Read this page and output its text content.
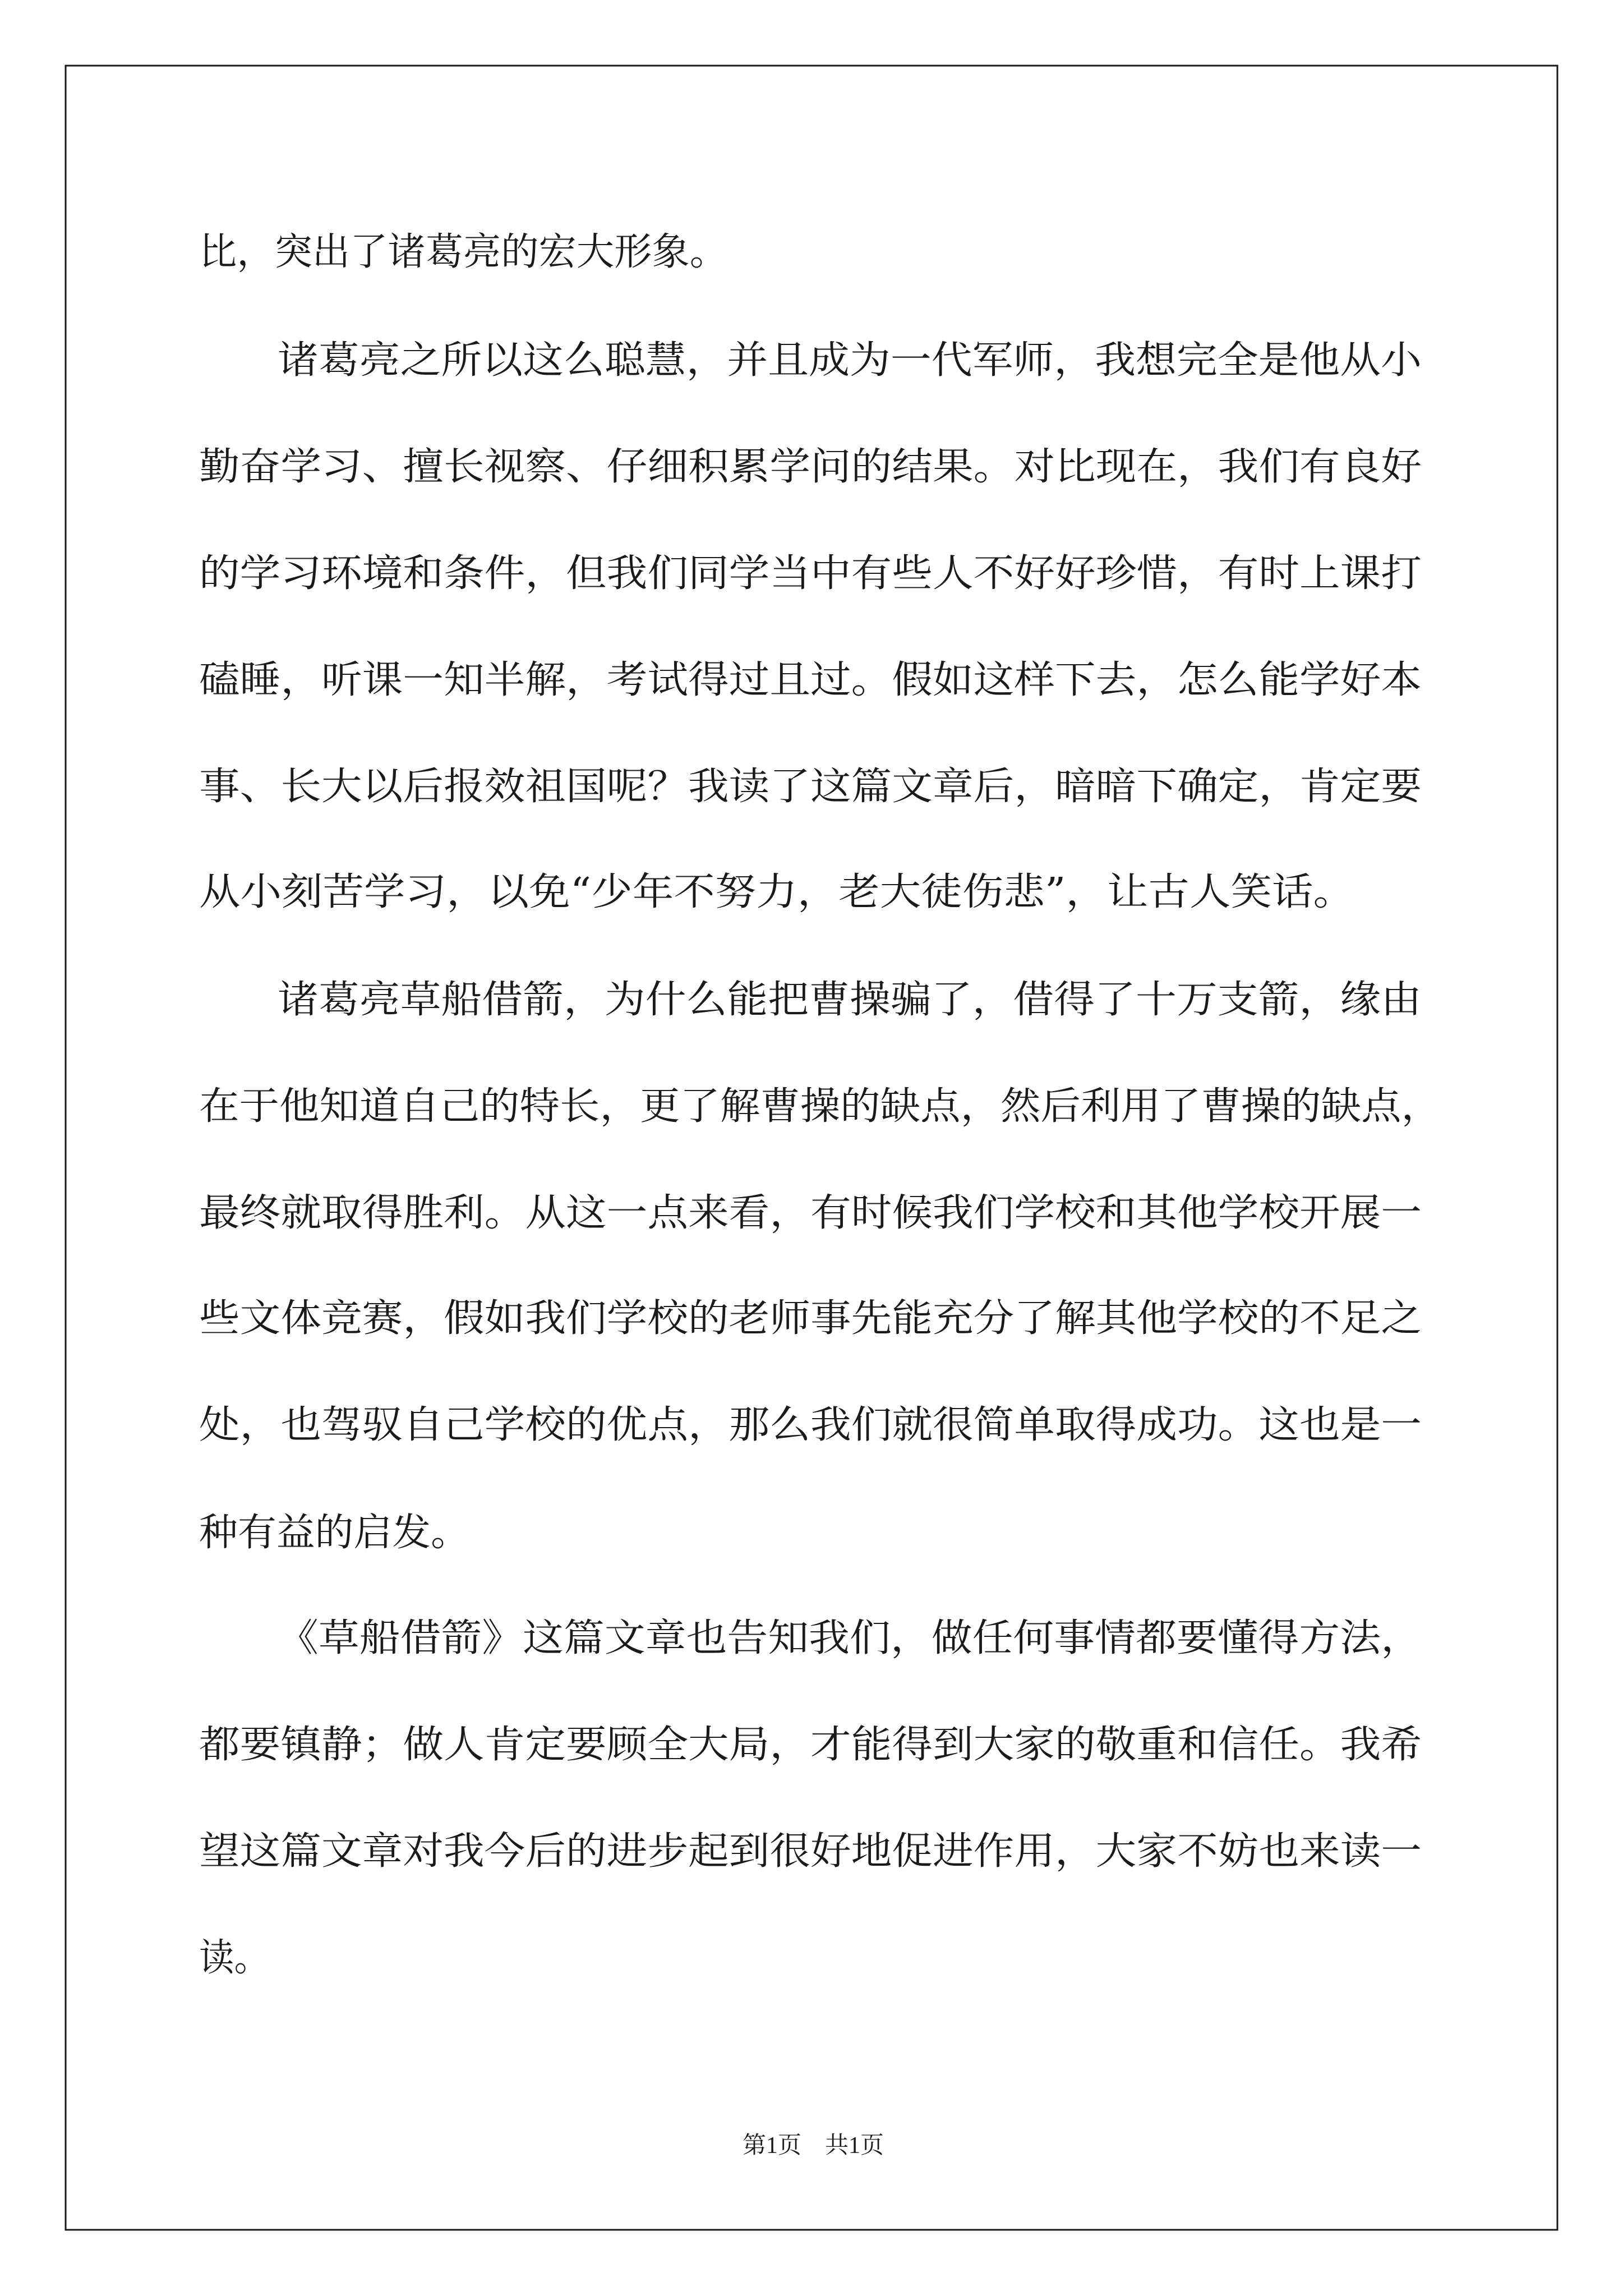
比，突出了诸葛亮的宏大形象。
诸葛亮之所以这么聪慧，并且成为一代军师，我想完全是他从小
勤奋学习、擅长视察、仔细积累学问的结果。对比现在，我们有良好
的学习环境和条件，但我们同学当中有些人不好好珍惜，有时上课打
磕睡，听课一知半解，考试得过且过。假如这样下去，怎么能学好本
事、长大以后报效祖国呢？我读了这篇文章后，暗暗下确定，肯定要
从小刻苦学习，以免“少年不努力，老大徒伤悲”，让古人笑话。
诸葛亮草船借箭，为什么能把曹操骗了，借得了十万支箭，缘由
在于他知道自己的特长，更了解曹操的缺点，然后利用了曹操的缺点，
最终就取得胜利。从这一点来看，有时候我们学校和其他学校开展一
些文体竞赛，假如我们学校的老师事先能充分了解其他学校的不足之
处，也驾驭自己学校的优点，那么我们就很简单取得成功。这也是一
种有益的启发。
《草船借箭》这篇文章也告知我们，做任何事情都要懂得方法，
都要镇静；做人肯定要顾全大局，才能得到大家的敬重和信任。我希
望这篇文章对我今后的进步起到很好地促进作用，大家不妨也来读一
读。
第1页　共1页
